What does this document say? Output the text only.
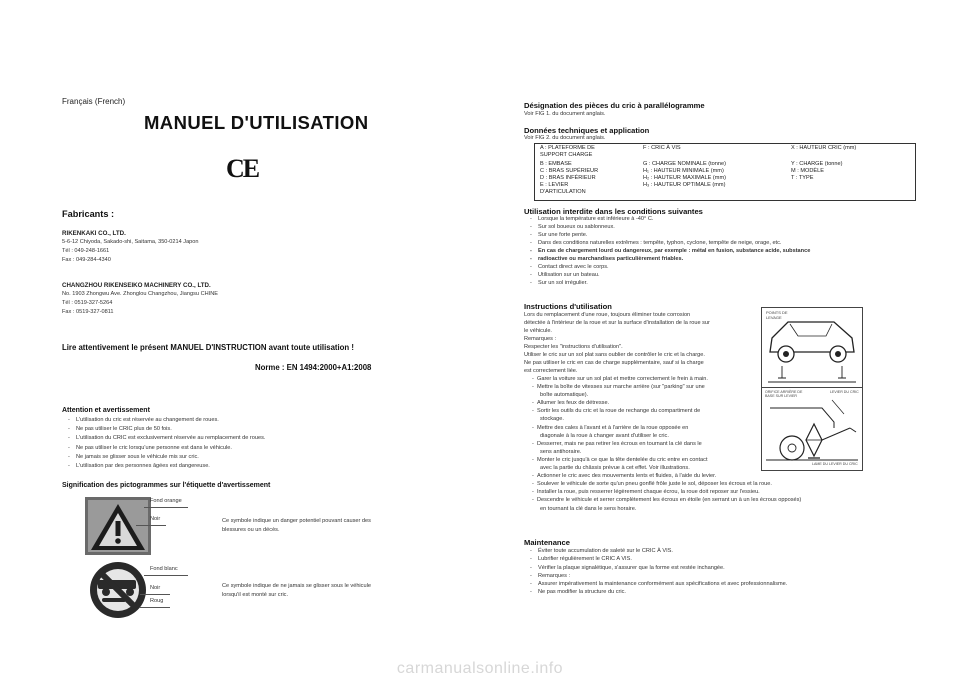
Français (French)
MANUEL D'UTILISATION
CE
Fabricants :
RIKENKAKI CO., LTD.
5-6-12 Chiyoda, Sakado-shi, Saitama, 350-0214 Japon
Tél : 049-248-1661
Fax : 049-284-4340
CHANGZHOU RIKENSEIKO MACHINERY CO., LTD.
No. 1903 Zhongwu Ave. Zhonglou Changzhou, Jiangsu CHINE
Tél : 0519-327-5264
Fax : 0519-327-0811
Lire attentivement le présent MANUEL D'INSTRUCTION avant toute utilisation !
Norme : EN 1494:2000+A1:2008
Attention et avertissement
- L'utilisation du cric est réservée au changement de roues.
- Ne pas utiliser le CRIC plus de 50 fois.
- L'utilisation du CRIC est exclusivement réservée au remplacement de roues.
- Ne pas utiliser le cric lorsqu'une personne est dans le véhicule.
- Ne jamais se glisser sous le véhicule mis sur cric.
- L'utilisation par des personnes âgées est dangereuse.
Signification des pictogrammes sur l'étiquette d'avertissement
Fond orange
Noir	Ce symbole indique un danger potentiel pouvant causer des
blessures ou un décès.
Fond blanc
Noir
Roug
Ce symbole indique de ne jamais se glisser sous le véhicule
lorsqu'il est monté sur cric.
Désignation des pièces du cric à parallélogramme
Voir FIG 1. du document anglais.
Données techniques et application
Voir FIG 2. du document anglais.
A : PLATEFORME DE
SUPPORT CHARGE
B : EMBASE
C : BRAS SUPÉRIEUR
D : BRAS INFÉRIEUR
E : LEVIER
D'ARTICULATION
F : CRIC À VIS
G : CHARGE NOMINALE (tonne)
H₁ : HAUTEUR MINIMALE (mm)
H₂ : HAUTEUR MAXIMALE (mm)
H₃ : HAUTEUR OPTIMALE (mm)
X : HAUTEUR CRIC (mm)
Y : CHARGE (tonne)
M : MODÈLE
T : TYPE
Utilisation interdite dans les conditions suivantes
- Lorsque la température est inférieure à -40° C.
- Sur sol boueux ou sablonneux.
- Sur une forte pente.
- Dans des conditions naturelles extrêmes : tempête, typhon, cyclone, tempête de neige, orage, etc.
- En cas de chargement lourd ou dangereux, par exemple : métal en fusion, substance acide, substance
- radioactive ou marchandises particulièrement friables.
- Contact direct avec le corps.
- Utilisation sur un bateau.
- Sur un sol irrégulier.
Instructions d'utilisation
Lors du remplacement d'une roue, toujours éliminer toute corrosion
détectée à l'intérieur de la roue et sur la surface d'installation de la roue sur
le véhicule.
Remarques :
Respecter les "instructions d'utilisation".
Utiliser le cric sur un sol plat sans oublier de contrôler le cric et la charge.
Ne pas utiliser le cric en cas de charge supplémentaire, sauf si la charge
est correctement liée.
-  Garer la voiture sur un sol plat et mettre correctement le frein à main.
-  Mettre la boîte de vitesses sur marche arrière (sur "parking" sur une
boîte automatique).
-  Allumer les feux de détresse.
-  Sortir les outils du cric et la roue de rechange du compartiment de
stockage.
-  Mettre des cales à l'avant et à l'arrière de la roue opposée en
diagonale à la roue à changer avant d'utiliser le cric.
-  Desserrer, mais ne pas retirer les écrous en tournant la clé dans le
sens antihoraire.
-  Monter le cric jusqu'à ce que la tête dentelée du cric entre en contact
avec la partie du châssis prévue à cet effet. Voir illustrations.
-  Actionner le cric avec des mouvements lents et fluides, à l'aide du levier.
-  Soulever le véhicule de sorte qu'un pneu gonflé frôle juste le sol, déposer les écrous et la roue.
-  Installer la roue, puis resserrer légèrement chaque écrou, la roue doit reposer sur l'essieu.
-  Descendre le véhicule et serrer complètement les écrous en étoile (en serrant un à un les écrous opposés)
en tournant la clé dans le sens horaire.
POINTS DE
LEVAGE
ORIFICE ARRIÈRE DE
BASE SUR LEVIER
LEVIER DU CRIC
LAME DU LEVIER DU CRIC
Maintenance
- Éviter toute accumulation de saleté sur le CRIC À VIS.
- Lubrifier régulièrement le CRIC A VIS.
- Vérifier la plaque signalétique, s'assurer que la forme est restée inchangée.
- Remarques :
- Assurer impérativement la maintenance conformément aux spécifications et avec professionnalisme.
- Ne pas modifier la structure du cric.
carmanualsonline.info
